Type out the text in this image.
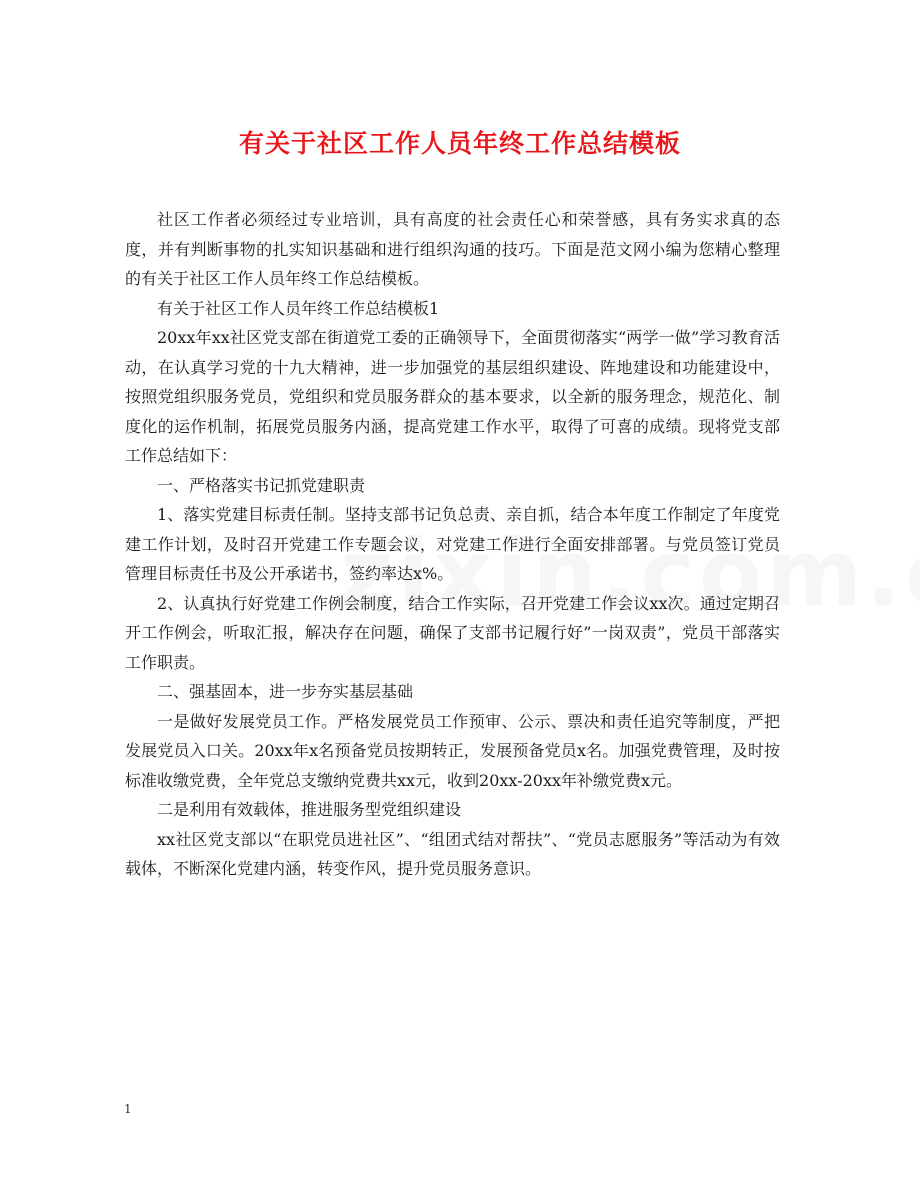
有关于社区工作人员年终工作总结模板

社区工作者必须经过专业培训，具有高度的社会责任心和荣誉感，具有务实求真的态度，并有判断事物的扎实知识基础和进行组织沟通的技巧。下面是范文网小编为您精心整理的有关于社区工作人员年终工作总结模板。

有关于社区工作人员年终工作总结模板1

20xx年xx社区党支部在街道党工委的正确领导下，全面贯彻落实“两学一做”学习教育活动，在认真学习党的十九大精神，进一步加强党的基层组织建设、阵地建设和功能建设中，按照党组织服务党员，党组织和党员服务群众的基本要求，以全新的服务理念，规范化、制度化的运作机制，拓展党员服务内涵，提高党建工作水平，取得了可喜的成绩。现将党支部工作总结如下：

一、严格落实书记抓党建职责

1、落实党建目标责任制。坚持支部书记负总责、亲自抓，结合本年度工作制定了年度党建工作计划，及时召开党建工作专题会议，对党建工作进行全面安排部署。与党员签订党员管理目标责任书及公开承诺书，签约率达x%。

2、认真执行好党建工作例会制度，结合工作实际，召开党建工作会议xx次。通过定期召开工作例会，听取汇报，解决存在问题，确保了支部书记履行好”一岗双责”，党员干部落实工作职责。

二、强基固本，进一步夯实基层基础

一是做好发展党员工作。严格发展党员工作预审、公示、票决和责任追究等制度，严把发展党员入口关。20xx年x名预备党员按期转正，发展预备党员x名。加强党费管理，及时按标准收缴党费，全年党总支缴纳党费共xx元，收到20xx-20xx年补缴党费x元。

二是利用有效载体，推进服务型党组织建设

xx社区党支部以“在职党员进社区”、“组团式结对帮扶”、“党员志愿服务”等活动为有效载体，不断深化党建内涵，转变作风，提升党员服务意识。

1
